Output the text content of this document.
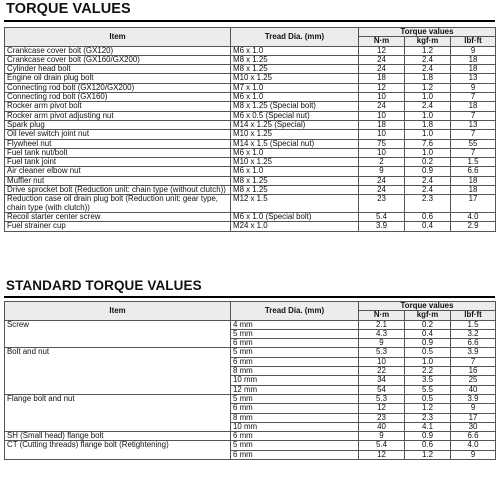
TORQUE VALUES
Item	Tread Dia. (mm)	Torque values		
		N·m	kgf·m	lbf·ft
Crankcase cover bolt (GX120)	M6 x 1.0	12	1.2	9
Crankcase cover bolt (GX160/GX200)	M8 x 1.25	24	2.4	18
Cylinder head bolt	M8 x 1.25	24	2.4	18
Engine oil drain plug bolt	M10 x 1.25	18	1.8	13
Connecting rod bolt (GX120/GX200)	M7 x 1.0	12	1.2	9
Connecting rod bolt (GX160)	M6 x 1.0	10	1.0	7
Rocker arm pivot bolt	M8 x 1.25 (Special bolt)	24	2.4	18
Rocker arm pivot adjusting nut	M6 x 0.5 (Special nut)	10	1.0	7
Spark plug	M14 x 1.25 (Special)	18	1.8	13
Oil level switch joint nut	M10 x 1.25	10	1.0	7
Flywheel nut	M14 x 1.5 (Special nut)	75	7.6	55
Fuel tank nut/bolt	M6 x 1.0	10	1.0	7
Fuel tank joint	M10 x 1.25	2	0.2	1.5
Air cleaner elbow nut	M6 x 1.0	9	0.9	6.6
Muffler nut	M8 x 1.25	24	2.4	18
Drive sprocket bolt (Reduction unit: chain type (without clutch))	M8 x 1.25	24	2.4	18
Reduction case oil drain plug bolt (Reduction unit: gear type, chain type (with clutch))	M12 x 1.5	23	2.3	17
Recoil starter center screw	M6 x 1.0 (Special bolt)	5.4	0.6	4.0
Fuel strainer cup	M24 x 1.0	3.9	0.4	2.9
STANDARD TORQUE VALUES
Item	Tread Dia. (mm)	Torque values		
		N·m	kgf·m	lbf·ft
Screw	4 mm	2.1	0.2	1.5
	5 mm	4.3	0.4	3.2
	6 mm	9	0.9	6.6
Bolt and nut	5 mm	5.3	0.5	3.9
	6 mm	10	1.0	7
	8 mm	22	2.2	16
	10 mm	34	3.5	25
	12 mm	54	5.5	40
Flange bolt and nut	5 mm	5.3	0.5	3.9
	6 mm	12	1.2	9
	8 mm	23	2.3	17
	10 mm	40	4.1	30
SH (Small head) flange bolt	6 mm	9	0.9	6.6
CT (Cutting threads) flange bolt (Retightening)	5 mm	5.4	0.6	4.0
	6 mm	12	1.2	9
